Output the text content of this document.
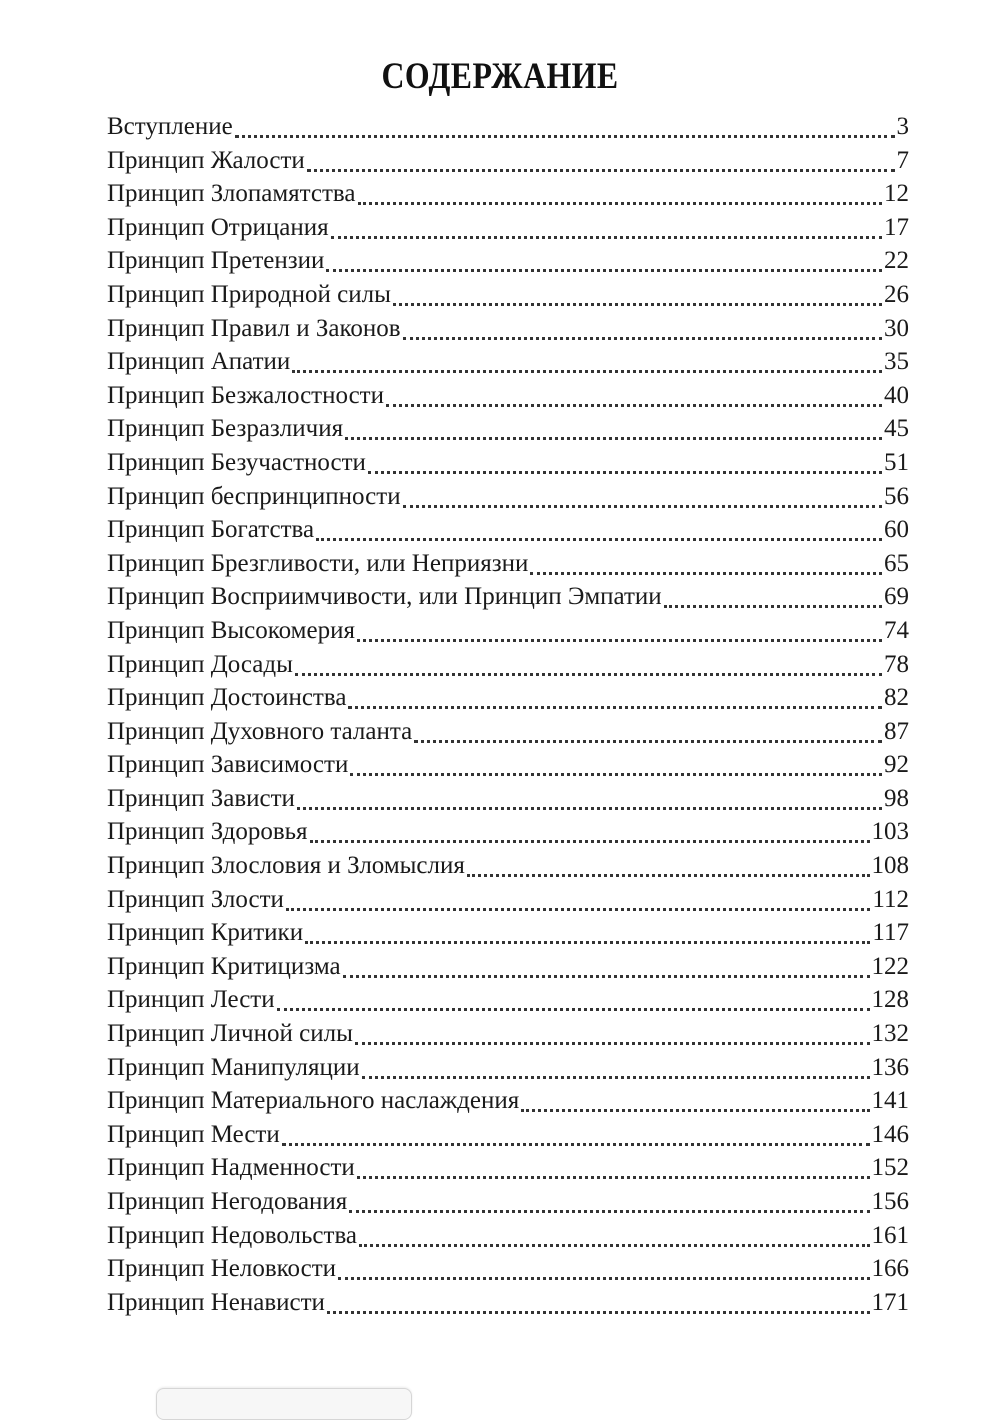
СОДЕРЖАНИЕ
Вступление	3
Принцип Жалости	7
Принцип Злопамятства	12
Принцип Отрицания	17
Принцип Претензии	22
Принцип Природной силы	26
Принцип Правил и Законов	30
Принцип Апатии	35
Принцип Безжалостности	40
Принцип Безразличия	45
Принцип Безучастности	51
Принцип беспринципности	56
Принцип Богатства	60
Принцип Брезгливости, или Неприязни	65
Принцип Восприимчивости, или Принцип Эмпатии	69
Принцип Высокомерия	74
Принцип Досады	78
Принцип Достоинства	82
Принцип Духовного таланта	87
Принцип Зависимости	92
Принцип Зависти	98
Принцип Здоровья	103
Принцип Злословия и Зломыслия	108
Принцип Злости	112
Принцип Критики	117
Принцип Критицизма	122
Принцип Лести	128
Принцип Личной силы	132
Принцип Манипуляции	136
Принцип Материального наслаждения	141
Принцип Мести	146
Принцип Надменности	152
Принцип Негодования	156
Принцип Недовольства	161
Принцип Неловкости	166
Принцип Ненависти	171
